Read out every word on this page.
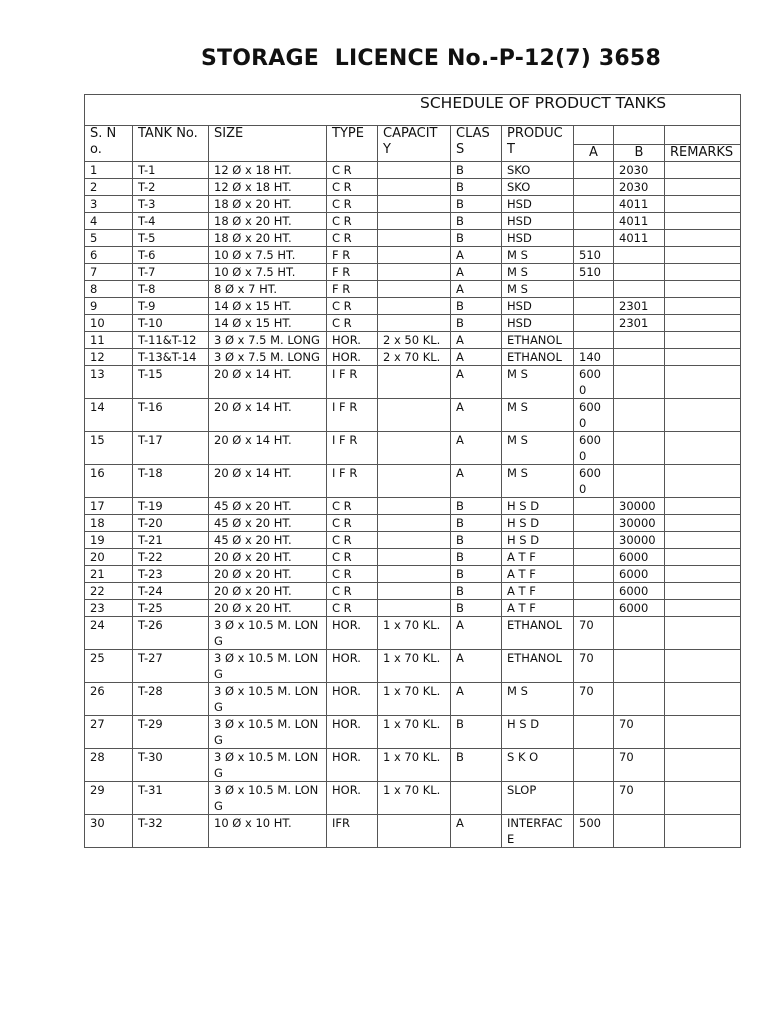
STORAGE  LICENCE No.-P-12(7) 3658
SCHEDULE OF PRODUCT TANKS									
S. No.	TANK No.	SIZE	TYPE	CAPACITY	CLASS	PRODUCT			
							A	B	REMARKS
1	T-1	12 Ø x 18 HT.	C R		B	SKO		2030	
2	T-2	12 Ø x 18 HT.	C R		B	SKO		2030	
3	T-3	18 Ø x 20 HT.	C R		B	HSD		4011	
4	T-4	18 Ø x 20 HT.	C R		B	HSD		4011	
5	T-5	18 Ø x 20 HT.	C R		B	HSD		4011	
6	T-6	10 Ø x 7.5 HT.	F R		A	M S	510		
7	T-7	10 Ø x 7.5 HT.	F R		A	M S	510		
8	T-8	8 Ø x 7 HT.	F R		A	M S			
9	T-9	14 Ø x 15 HT.	C R		B	HSD		2301	
10	T-10	14 Ø x 15 HT.	C R		B	HSD		2301	
11	T-11&T-12	3 Ø x 7.5 M. LONG	HOR.	2 x 50 KL.	A	ETHANOL			
12	T-13&T-14	3 Ø x 7.5 M. LONG	HOR.	2 x 70 KL.	A	ETHANOL	140		
13	T-15	20 Ø x 14 HT.	I F R		A	M S	6000		
14	T-16	20 Ø x 14 HT.	I F R		A	M S	6000		
15	T-17	20 Ø x 14 HT.	I F R		A	M S	6000		
16	T-18	20 Ø x 14 HT.	I F R		A	M S	6000		
17	T-19	45 Ø x 20 HT.	C R		B	H S D		30000	
18	T-20	45 Ø x 20 HT.	C R		B	H S D		30000	
19	T-21	45 Ø x 20 HT.	C R		B	H S D		30000	
20	T-22	20 Ø x 20 HT.	C R		B	A T F		6000	
21	T-23	20 Ø x 20 HT.	C R		B	A T F		6000	
22	T-24	20 Ø x 20 HT.	C R		B	A T F		6000	
23	T-25	20 Ø x 20 HT.	C R		B	A T F		6000	
24	T-26	3 Ø x 10.5 M. LONG	HOR.	1 x 70 KL.	A	ETHANOL	70		
25	T-27	3 Ø x 10.5 M. LONG	HOR.	1 x 70 KL.	A	ETHANOL	70		
26	T-28	3 Ø x 10.5 M. LONG	HOR.	1 x 70 KL.	A	M S	70		
27	T-29	3 Ø x 10.5 M. LONG	HOR.	1 x 70 KL.	B	H S D		70	
28	T-30	3 Ø x 10.5 M. LONG	HOR.	1 x 70 KL.	B	S K O		70	
29	T-31	3 Ø x 10.5 M. LONG	HOR.	1 x 70 KL.		SLOP		70	
30	T-32	10 Ø x 10 HT.	IFR		A	INTERFACE	500		
